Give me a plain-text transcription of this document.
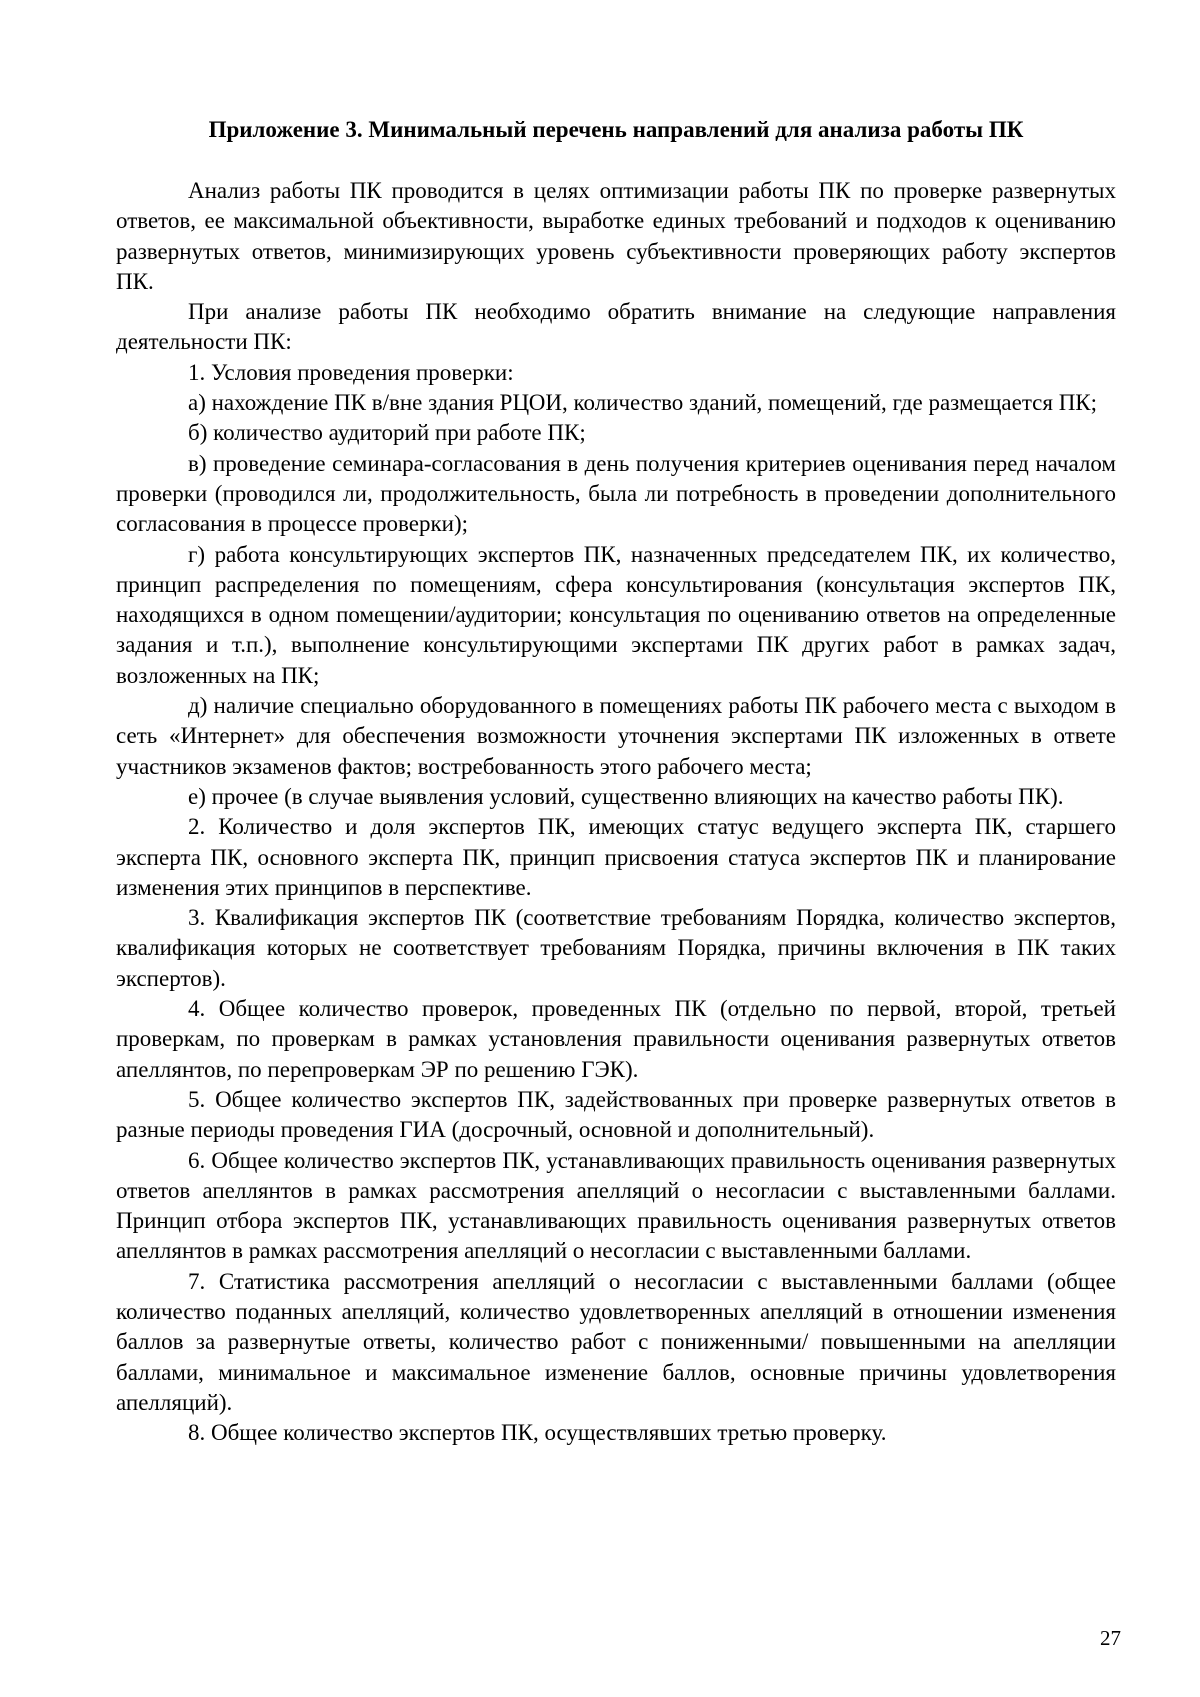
Приложение 3. Минимальный перечень направлений для анализа работы ПК

Анализ работы ПК проводится в целях оптимизации работы ПК по проверке развернутых ответов, ее максимальной объективности, выработке единых требований и подходов к оцениванию развернутых ответов, минимизирующих уровень субъективности проверяющих работу экспертов ПК.

При анализе работы ПК необходимо обратить внимание на следующие направления деятельности ПК:

1. Условия проведения проверки:

а) нахождение ПК в/вне здания РЦОИ, количество зданий, помещений, где размещается ПК;

б) количество аудиторий при работе ПК;

в) проведение семинара-согласования в день получения критериев оценивания перед началом проверки (проводился ли, продолжительность, была ли потребность в проведении дополнительного согласования в процессе проверки);

г) работа консультирующих экспертов ПК, назначенных председателем ПК, их количество, принцип распределения по помещениям, сфера консультирования (консультация экспертов ПК, находящихся в одном помещении/аудитории; консультация по оцениванию ответов на определенные задания и т.п.), выполнение консультирующими экспертами ПК других работ в рамках задач, возложенных на ПК;

д) наличие специально оборудованного в помещениях работы ПК рабочего места с выходом в сеть «Интернет» для обеспечения возможности уточнения экспертами ПК изложенных в ответе участников экзаменов фактов; востребованность этого рабочего места;

е) прочее (в случае выявления условий, существенно влияющих на качество работы ПК).

2. Количество и доля экспертов ПК, имеющих статус ведущего эксперта ПК, старшего эксперта ПК, основного эксперта ПК, принцип присвоения статуса экспертов ПК и планирование изменения этих принципов в перспективе.

3. Квалификация экспертов ПК (соответствие требованиям Порядка, количество экспертов, квалификация которых не соответствует требованиям Порядка, причины включения в ПК таких экспертов).

4. Общее количество проверок, проведенных ПК (отдельно по первой, второй, третьей проверкам, по проверкам в рамках установления правильности оценивания развернутых ответов апеллянтов, по перепроверкам ЭР по решению ГЭК).

5. Общее количество экспертов ПК, задействованных при проверке развернутых ответов в разные периоды проведения ГИА (досрочный, основной и дополнительный).

6. Общее количество экспертов ПК, устанавливающих правильность оценивания развернутых ответов апеллянтов в рамках рассмотрения апелляций о несогласии с выставленными баллами. Принцип отбора экспертов ПК, устанавливающих правильность оценивания развернутых ответов апеллянтов в рамках рассмотрения апелляций о несогласии с выставленными баллами.

7. Статистика рассмотрения апелляций о несогласии с выставленными баллами (общее количество поданных апелляций, количество удовлетворенных апелляций в отношении изменения баллов за развернутые ответы, количество работ с пониженными/ повышенными на апелляции баллами, минимальное и максимальное изменение баллов, основные причины удовлетворения апелляций).

8. Общее количество экспертов ПК, осуществлявших третью проверку.

27
